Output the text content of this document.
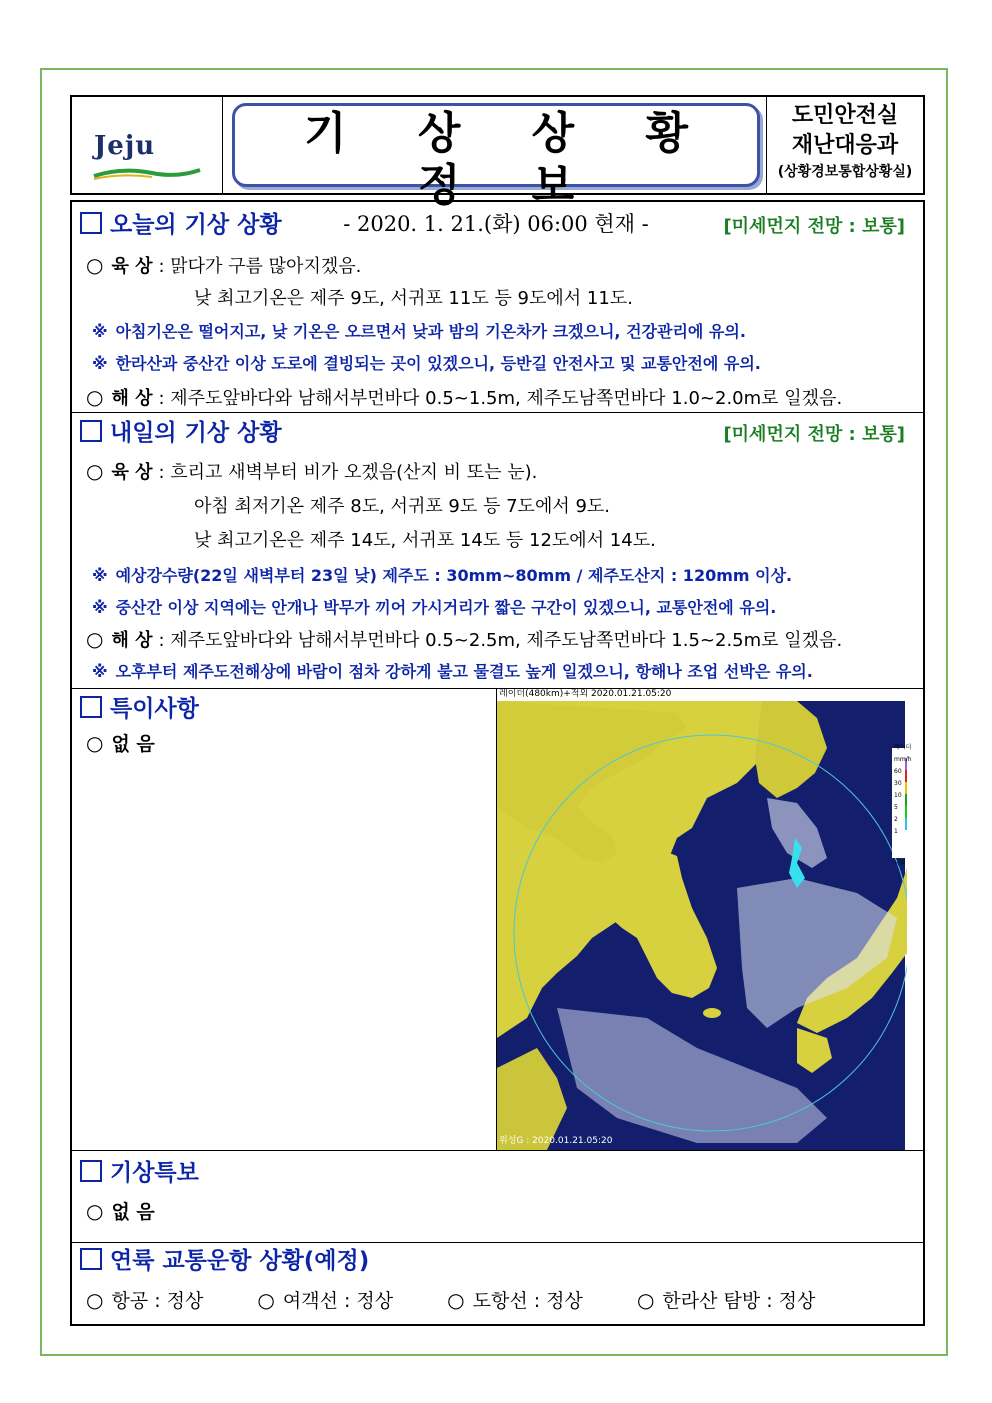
Jeju	기 상 상 황 정 보
- 2020. 1. 21.(화) 06:00 현재 -
도민안전실
재난대응과
(상황경보통합상황실)
오늘의 기상 상황	[미세먼지 전망 : 보통]
○ 육 상 : 맑다가 구름 많아지겠음.
낮 최고기온은 제주 9도, 서귀포 11도 등 9도에서 11도.
※ 아침기온은 떨어지고, 낮 기온은 오르면서 낮과 밤의 기온차가 크겠으니, 건강관리에 유의.
※ 한라산과 중산간 이상 도로에 결빙되는 곳이 있겠으니, 등반길 안전사고 및 교통안전에 유의.
○ 해 상 : 제주도앞바다와 남해서부먼바다 0.5~1.5m, 제주도남쪽먼바다 1.0~2.0m로 일겠음.
내일의 기상 상황	[미세먼지 전망 : 보통]
○ 육 상 : 흐리고 새벽부터 비가 오겠음(산지 비 또는 눈).
아침 최저기온 제주 8도, 서귀포 9도 등 7도에서 9도.
낮 최고기온은 제주 14도, 서귀포 14도 등 12도에서 14도.
※ 예상강수량(22일 새벽부터 23일 낮) 제주도 : 30mm~80mm / 제주도산지 : 120mm 이상.
※ 중산간 이상 지역에는 안개나 박무가 끼어 가시거리가 짧은 구간이 있겠으니, 교통안전에 유의.
○ 해 상 : 제주도앞바다와 남해서부먼바다 0.5~2.5m, 제주도남쪽먼바다 1.5~2.5m로 일겠음.
※ 오후부터 제주도전해상에 바람이 점차 강하게 불고 물결도 높게 일겠으니, 항해나 조업 선박은 유의.
특이사항
○ 없 음
레이더(480km)+적외 2020.01.21.05:20
레이더
mm/h
60
30
10
5
2
1
낙뢰
위성G : 2020.01.21.05:20
기상특보
○ 없 음
연륙 교통운항 상황(예정)
○ 항공 : 정상	○ 여객선 : 정상	○ 도항선 : 정상	○ 한라산 탐방 : 정상
